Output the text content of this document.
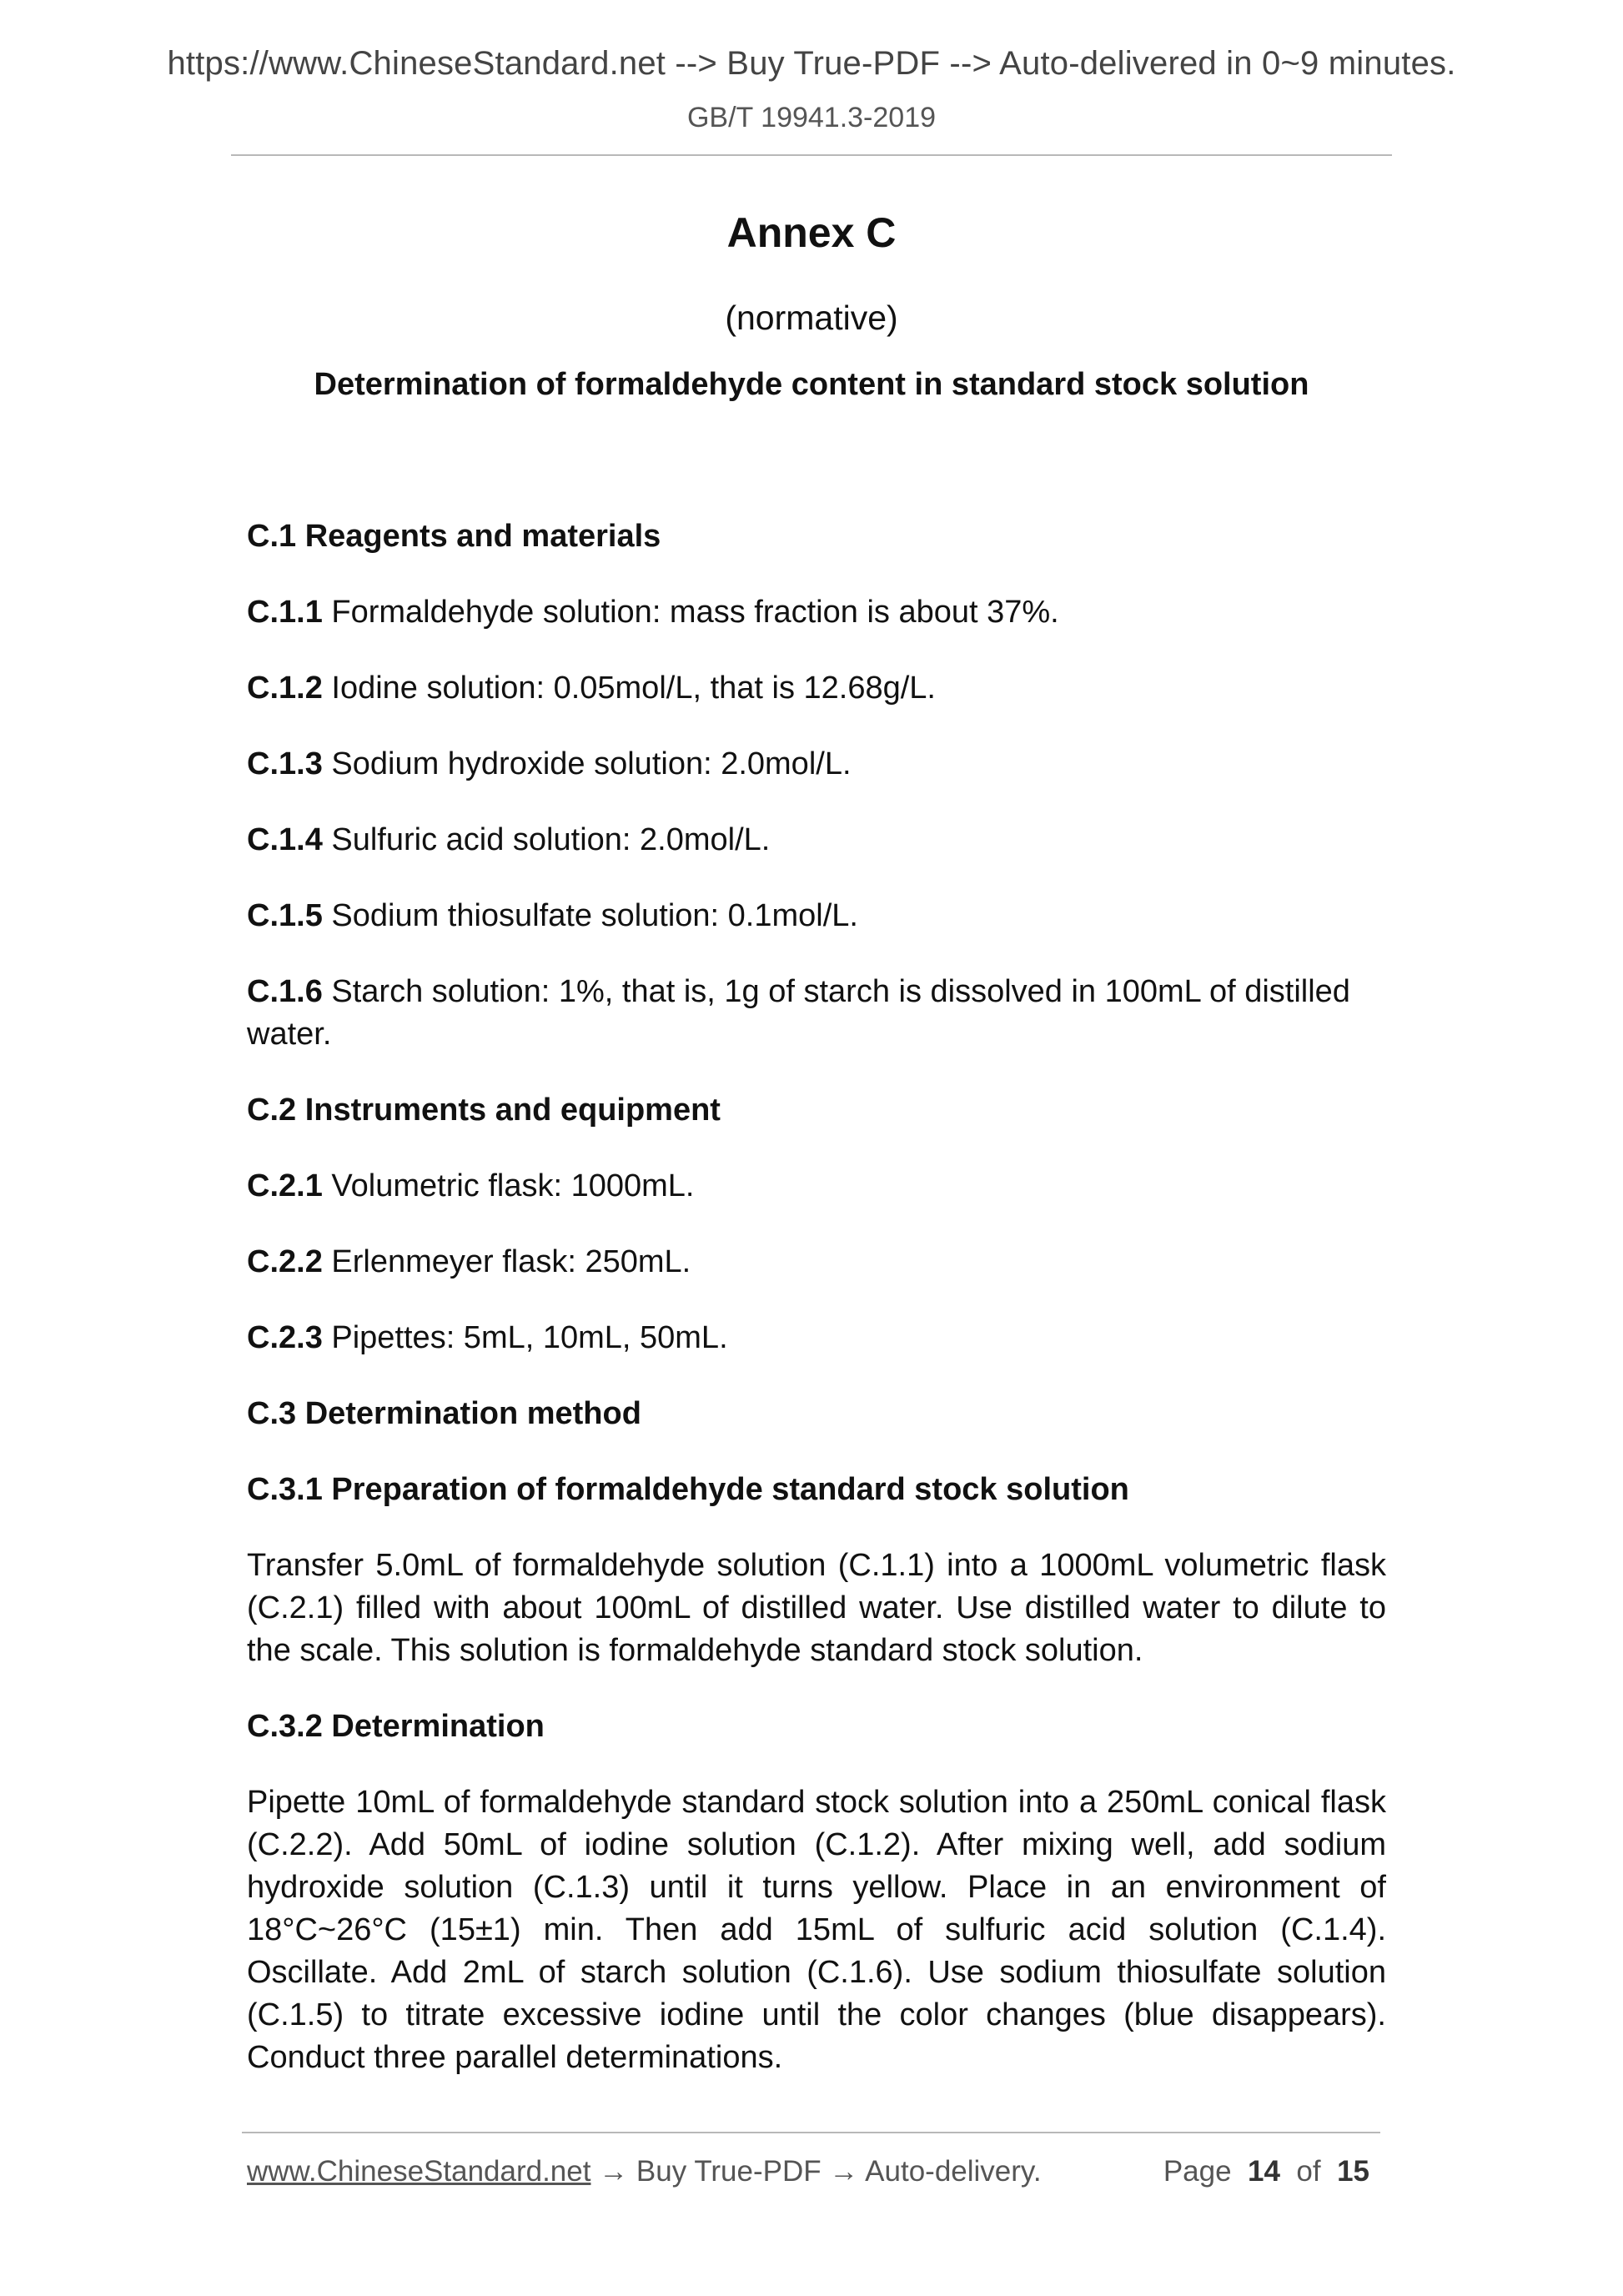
https://www.ChineseStandard.net --> Buy True-PDF --> Auto-delivered in 0~9 minutes.
GB/T 19941.3-2019
Annex C
(normative)
Determination of formaldehyde content in standard stock solution
C.1 Reagents and materials
C.1.1 Formaldehyde solution: mass fraction is about 37%.
C.1.2 Iodine solution: 0.05mol/L, that is 12.68g/L.
C.1.3 Sodium hydroxide solution: 2.0mol/L.
C.1.4 Sulfuric acid solution: 2.0mol/L.
C.1.5 Sodium thiosulfate solution: 0.1mol/L.
C.1.6 Starch solution: 1%, that is, 1g of starch is dissolved in 100mL of distilled water.
C.2 Instruments and equipment
C.2.1 Volumetric flask: 1000mL.
C.2.2 Erlenmeyer flask: 250mL.
C.2.3 Pipettes: 5mL, 10mL, 50mL.
C.3 Determination method
C.3.1 Preparation of formaldehyde standard stock solution
Transfer 5.0mL of formaldehyde solution (C.1.1) into a 1000mL volumetric flask (C.2.1) filled with about 100mL of distilled water. Use distilled water to dilute to the scale. This solution is formaldehyde standard stock solution.
C.3.2 Determination
Pipette 10mL of formaldehyde standard stock solution into a 250mL conical flask (C.2.2). Add 50mL of iodine solution (C.1.2). After mixing well, add sodium hydroxide solution (C.1.3) until it turns yellow. Place in an environment of 18°C~26°C (15±1) min. Then add 15mL of sulfuric acid solution (C.1.4). Oscillate. Add 2mL of starch solution (C.1.6). Use sodium thiosulfate solution (C.1.5) to titrate excessive iodine until the color changes (blue disappears). Conduct three parallel determinations.
www.ChineseStandard.net → Buy True-PDF → Auto-delivery.	Page 14 of 15
